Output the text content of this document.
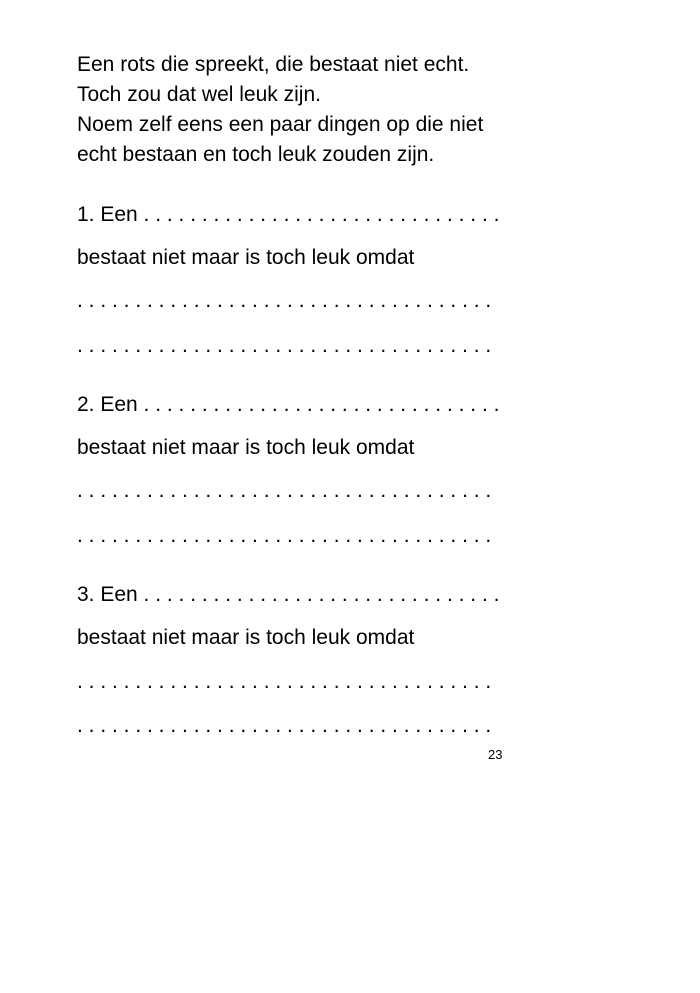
Een rots die spreekt, die bestaat niet echt.
Toch zou dat wel leuk zijn.
Noem zelf eens een paar dingen op die niet
echt bestaan en toch leuk zouden zijn.
1. Een . . . . . . . . . . . . . . . . . . . . . . . . . . . . . . .
bestaat niet maar is toch leuk omdat
. . . . . . . . . . . . . . . . . . . . . . . . . . . . . . . . . . . .
. . . . . . . . . . . . . . . . . . . . . . . . . . . . . . . . . . . .
2. Een . . . . . . . . . . . . . . . . . . . . . . . . . . . . . . .
bestaat niet maar is toch leuk omdat
. . . . . . . . . . . . . . . . . . . . . . . . . . . . . . . . . . . .
. . . . . . . . . . . . . . . . . . . . . . . . . . . . . . . . . . . .
3. Een . . . . . . . . . . . . . . . . . . . . . . . . . . . . . . .
bestaat niet maar is toch leuk omdat
. . . . . . . . . . . . . . . . . . . . . . . . . . . . . . . . . . . .
. . . . . . . . . . . . . . . . . . . . . . . . . . . . . . . . . . . .
23
